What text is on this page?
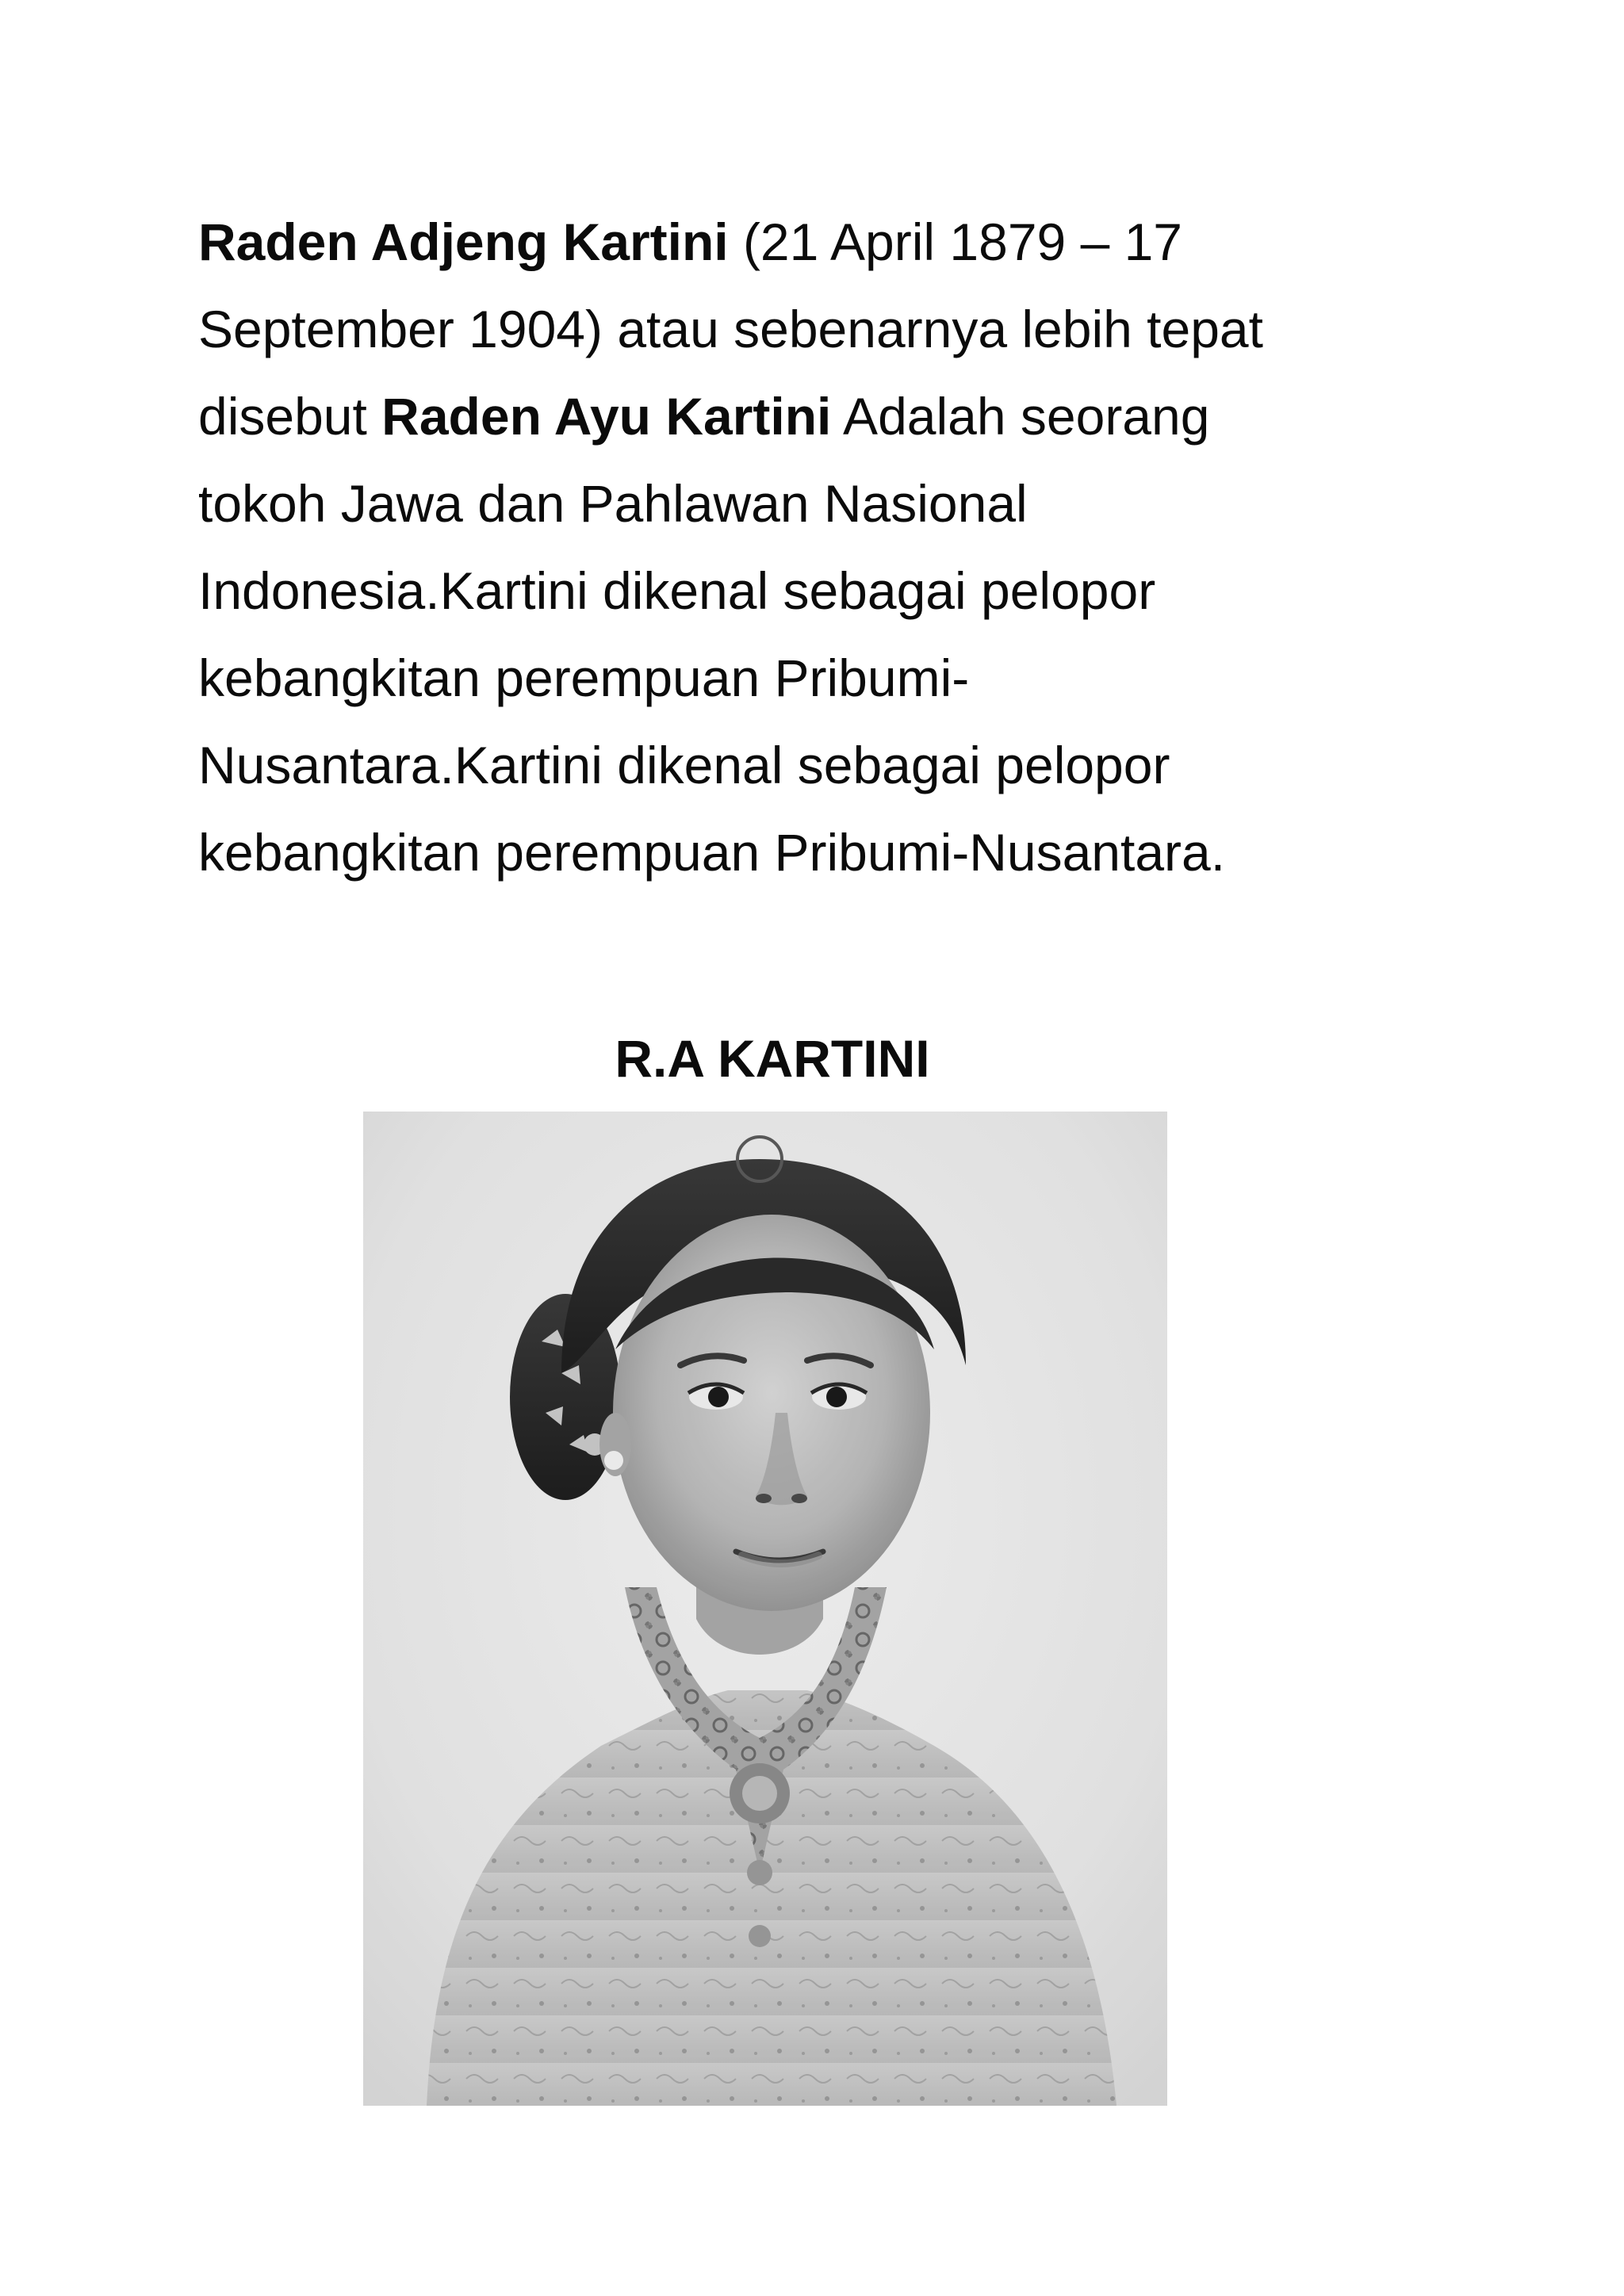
Raden Adjeng Kartini (21 April 1879 – 17
September 1904) atau sebenarnya lebih tepat
disebut Raden Ayu Kartini Adalah seorang
tokoh Jawa dan Pahlawan Nasional
Indonesia.Kartini dikenal sebagai pelopor
kebangkitan perempuan Pribumi-
Nusantara.Kartini dikenal sebagai pelopor
kebangkitan perempuan Pribumi-Nusantara.

R.A KARTINI
